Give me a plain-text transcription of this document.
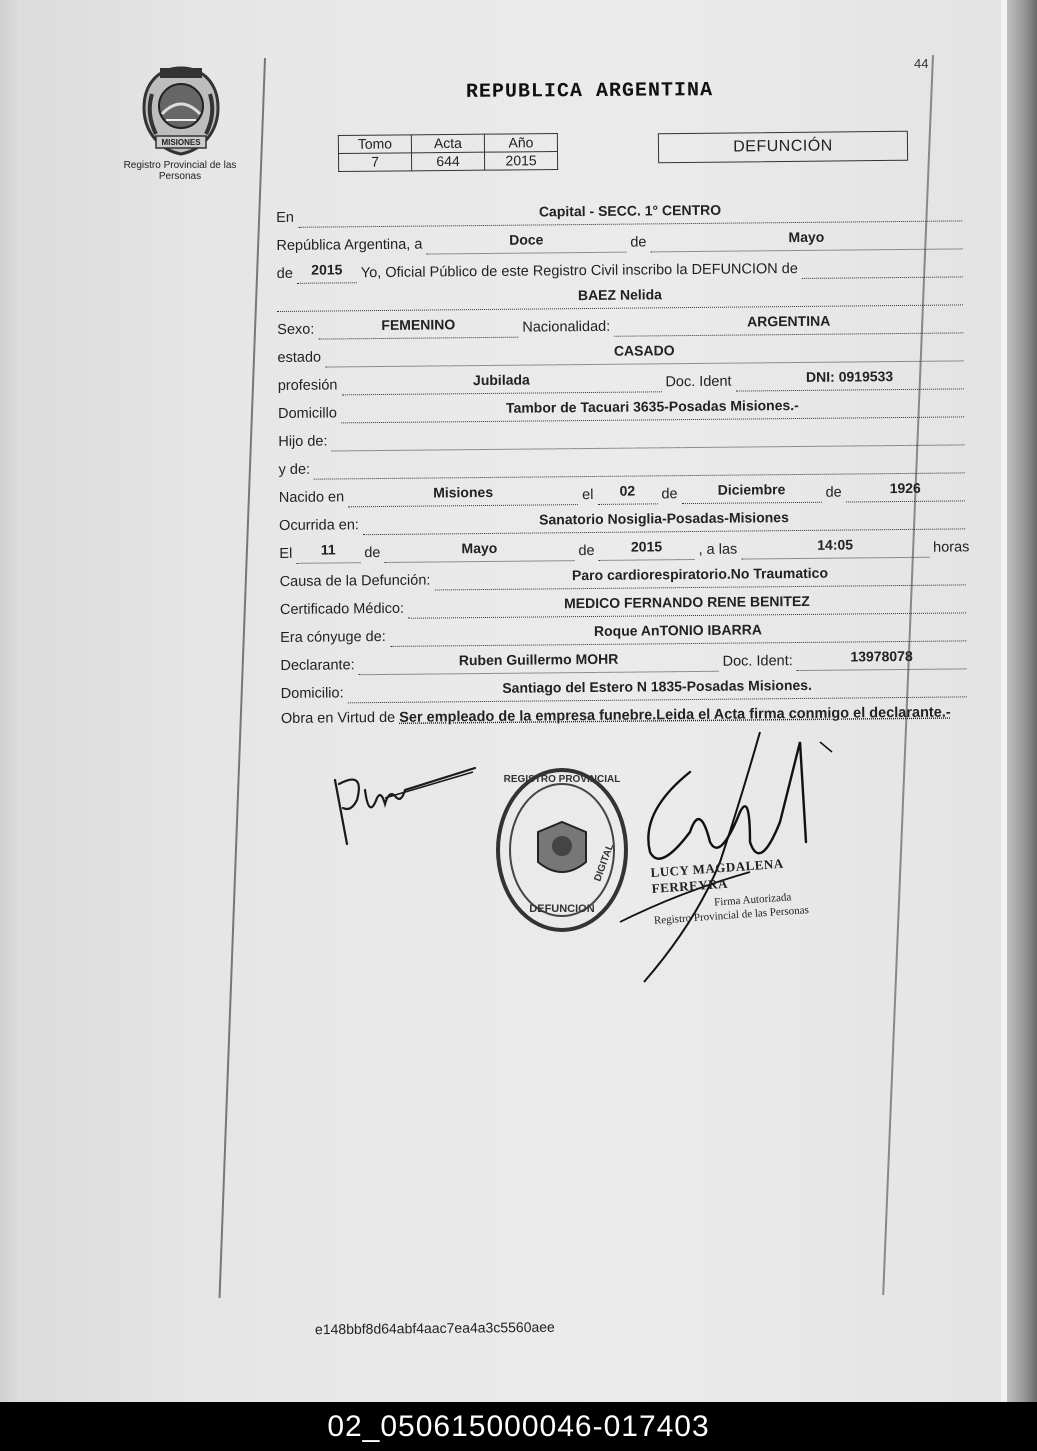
44
MISIONES
Registro Provincial de las Personas
REPUBLICA ARGENTINA
Tomo	Acta	Año
7	644	2015
DEFUNCIÓN
En	Capital - SECC. 1° CENTRO
República Argentina, a	Doce	de	Mayo
de	2015	Yo, Oficial Público de este Registro Civil inscribo la DEFUNCION de
BAEZ Nelida
Sexo:	FEMENINO	Nacionalidad:	ARGENTINA
estado	CASADO
profesión	Jubilada	Doc. Ident	DNI: 0919533
Domicillo	Tambor de Tacuari 3635-Posadas Misiones.-
Hijo de:
y de:
Nacido en	Misiones	el	02	de	Diciembre	de	1926
Ocurrida en:	Sanatorio Nosiglia-Posadas-Misiones
El	11	de	Mayo	de	2015	, a las	14:05	horas
Causa de la Defunción:	Paro cardiorespiratorio.No Traumatico
Certificado Médico:	MEDICO FERNANDO RENE BENITEZ
Era cónyuge de:	Roque AnTONIO IBARRA
Declarante:	Ruben Guillermo MOHR	Doc. Ident:	13978078
Domicilio:	Santiago del Estero N 1835-Posadas Misiones.
Obra en Virtud de Ser empleado de la empresa funebre.Leida el Acta firma conmigo el declarante.-
REGISTRO PROVINCIAL
DEFUNCION
DIGITAL	LUCY MAGDALENA FERREYRA
Firma Autorizada
Registro Provincial de las Personas
e148bbf8d64abf4aac7ea4a3c5560aee
02_050615000046-017403
